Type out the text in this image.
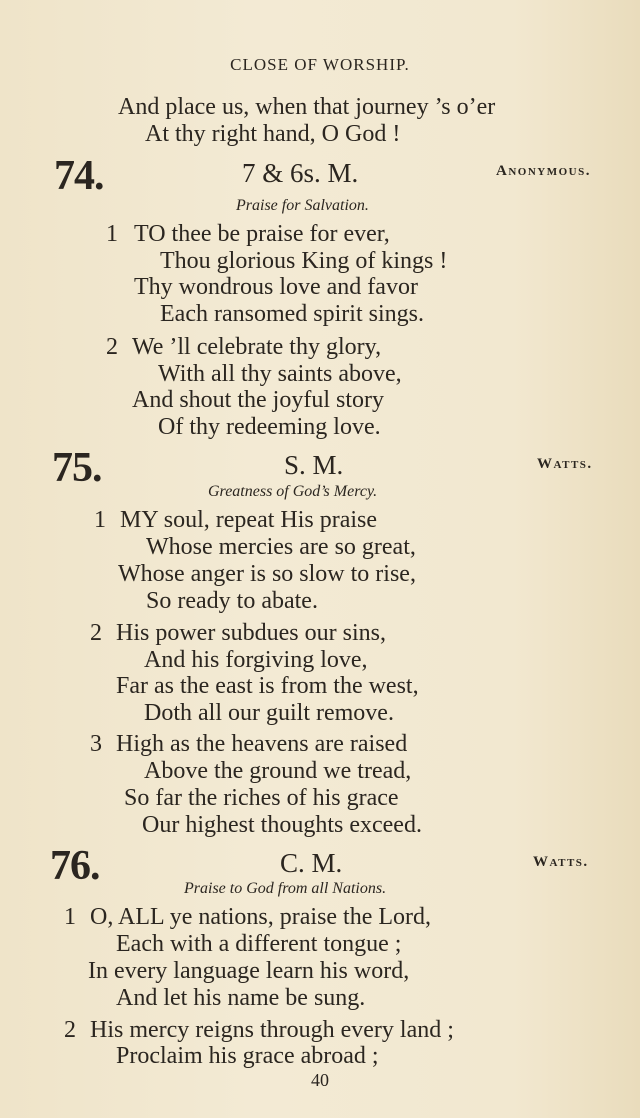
CLOSE OF WORSHIP.
And place us, when that journey ’s o’er
At thy right hand, O God !
74.	7 & 6s. M.	Anonymous.
Praise for Salvation.
1 TO thee be praise for ever,
Thou glorious King of kings !
Thy wondrous love and favor
Each ransomed spirit sings.
2 We ’ll celebrate thy glory,
With all thy saints above,
And shout the joyful story
Of thy redeeming love.
75.	S. M.	Watts.
Greatness of God’s Mercy.
1 MY soul, repeat His praise
Whose mercies are so great,
Whose anger is so slow to rise,
So ready to abate.
2 His power subdues our sins,
And his forgiving love,
Far as the east is from the west,
Doth all our guilt remove.
3 High as the heavens are raised
Above the ground we tread,
So far the riches of his grace
Our highest thoughts exceed.
76.	C. M.	Watts.
Praise to God from all Nations.
1 O, ALL ye nations, praise the Lord,
Each with a different tongue ;
In every language learn his word,
And let his name be sung.
2 His mercy reigns through every land ;
Proclaim his grace abroad ;
40
